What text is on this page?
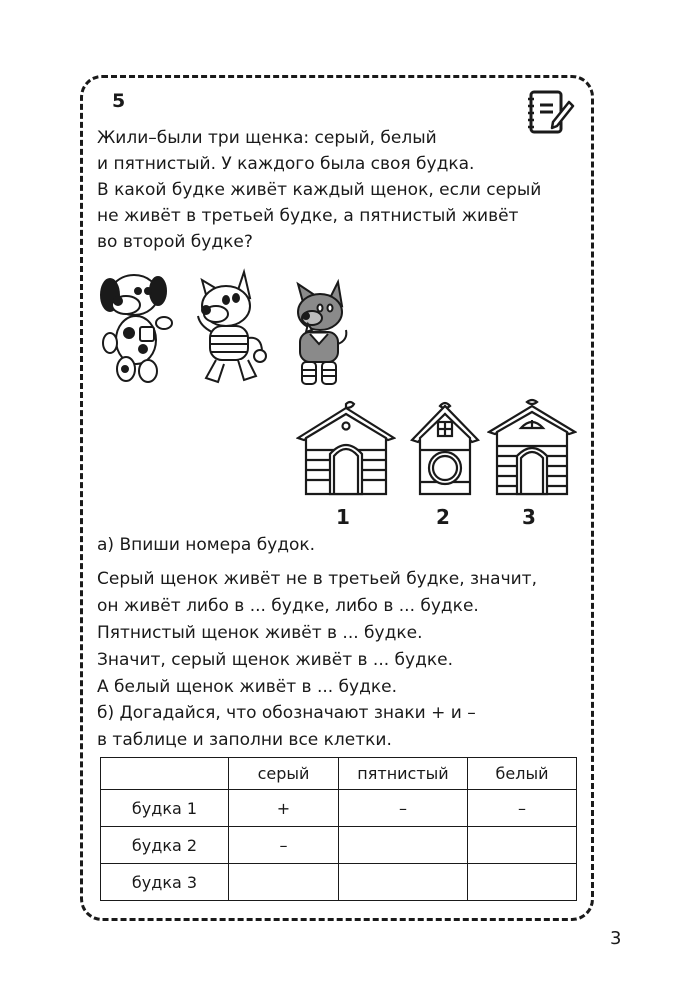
5

Жили–были три щенка: серый, белый
и пятнистый. У каждого была своя будка.
В какой будке живёт каждый щенок, если серый
не живёт в третьей будке, а пятнистый живёт
во второй будке?

1	2	3

а) Впиши номера будок.

Серый щенок живёт не в третьей будке, значит,
он живёт либо в ... будке, либо в ... будке.
Пятнистый щенок живёт в ... будке.
Значит, серый щенок живёт в ... будке.
А белый щенок живёт в ... будке.

б) Догадайся, что обозначают знаки + и –
в таблице и заполни все клетки.

	серый	пятнистый	белый
будка 1	+	–	–
будка 2	–		
будка 3			
3
